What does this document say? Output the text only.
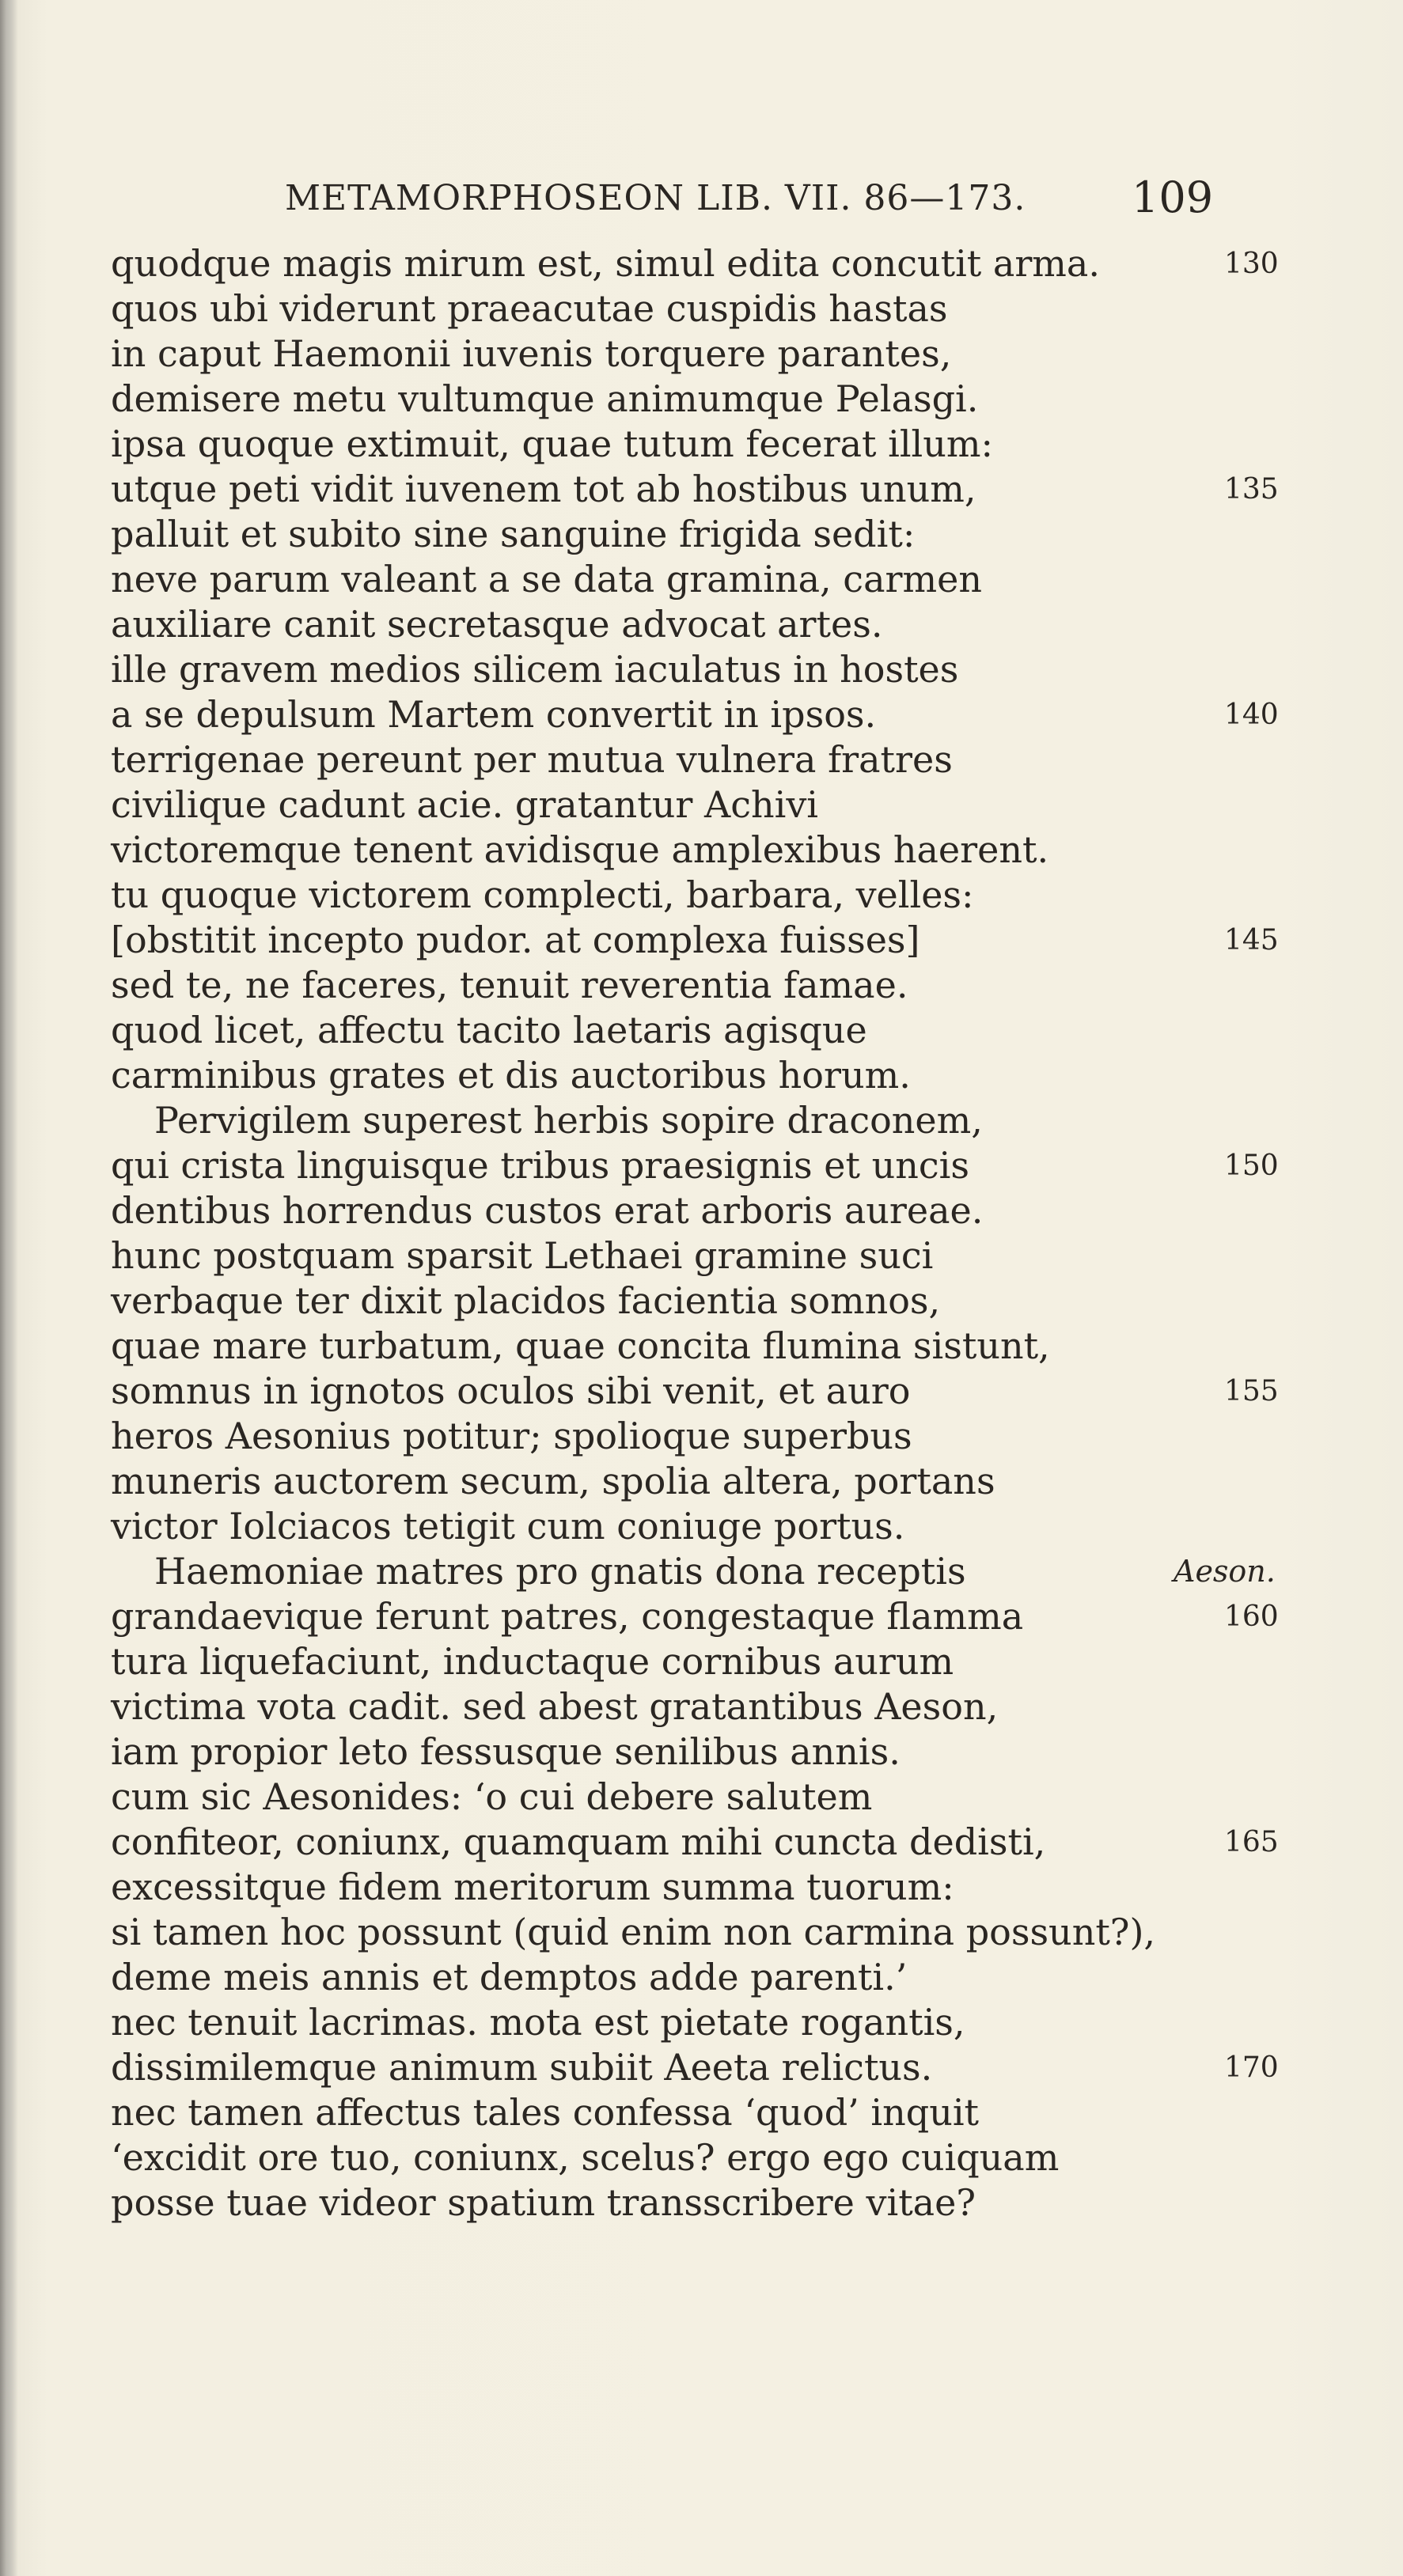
METAMORPHOSEON LIB. VII. 86—173. 109
quodque magis mirum est, simul edita concutit arma.	130
quos ubi viderunt praeacutae cuspidis hastas
in caput Haemonii iuvenis torquere parantes,
demisere metu vultumque animumque Pelasgi.
ipsa quoque extimuit, quae tutum fecerat illum:
utque peti vidit iuvenem tot ab hostibus unum,	135
palluit et subito sine sanguine frigida sedit:
neve parum valeant a se data gramina, carmen
auxiliare canit secretasque advocat artes.
ille gravem medios silicem iaculatus in hostes
a se depulsum Martem convertit in ipsos.	140
terrigenae pereunt per mutua vulnera fratres
civilique cadunt acie. gratantur Achivi
victoremque tenent avidisque amplexibus haerent.
tu quoque victorem complecti, barbara, velles:
[obstitit incepto pudor. at complexa fuisses]	145
sed te, ne faceres, tenuit reverentia famae.
quod licet, affectu tacito laetaris agisque
carminibus grates et dis auctoribus horum.
Pervigilem superest herbis sopire draconem,
qui crista linguisque tribus praesignis et uncis	150
dentibus horrendus custos erat arboris aureae.
hunc postquam sparsit Lethaei gramine suci
verbaque ter dixit placidos facientia somnos,
quae mare turbatum, quae concita flumina sistunt,
somnus in ignotos oculos sibi venit, et auro	155
heros Aesonius potitur; spolioque superbus
muneris auctorem secum, spolia altera, portans
victor Iolciacos tetigit cum coniuge portus.
Haemoniae matres pro gnatis dona receptis	Aeson.
grandaevique ferunt patres, congestaque flamma	160
tura liquefaciunt, inductaque cornibus aurum
victima vota cadit. sed abest gratantibus Aeson,
iam propior leto fessusque senilibus annis.
cum sic Aesonides: ‘o cui debere salutem
confiteor, coniunx, quamquam mihi cuncta dedisti,	165
excessitque fidem meritorum summa tuorum:
si tamen hoc possunt (quid enim non carmina possunt?),
deme meis annis et demptos adde parenti.’
nec tenuit lacrimas. mota est pietate rogantis,
dissimilemque animum subiit Aeeta relictus.	170
nec tamen affectus tales confessa ‘quod’ inquit
‘excidit ore tuo, coniunx, scelus? ergo ego cuiquam
posse tuae videor spatium transscribere vitae?
